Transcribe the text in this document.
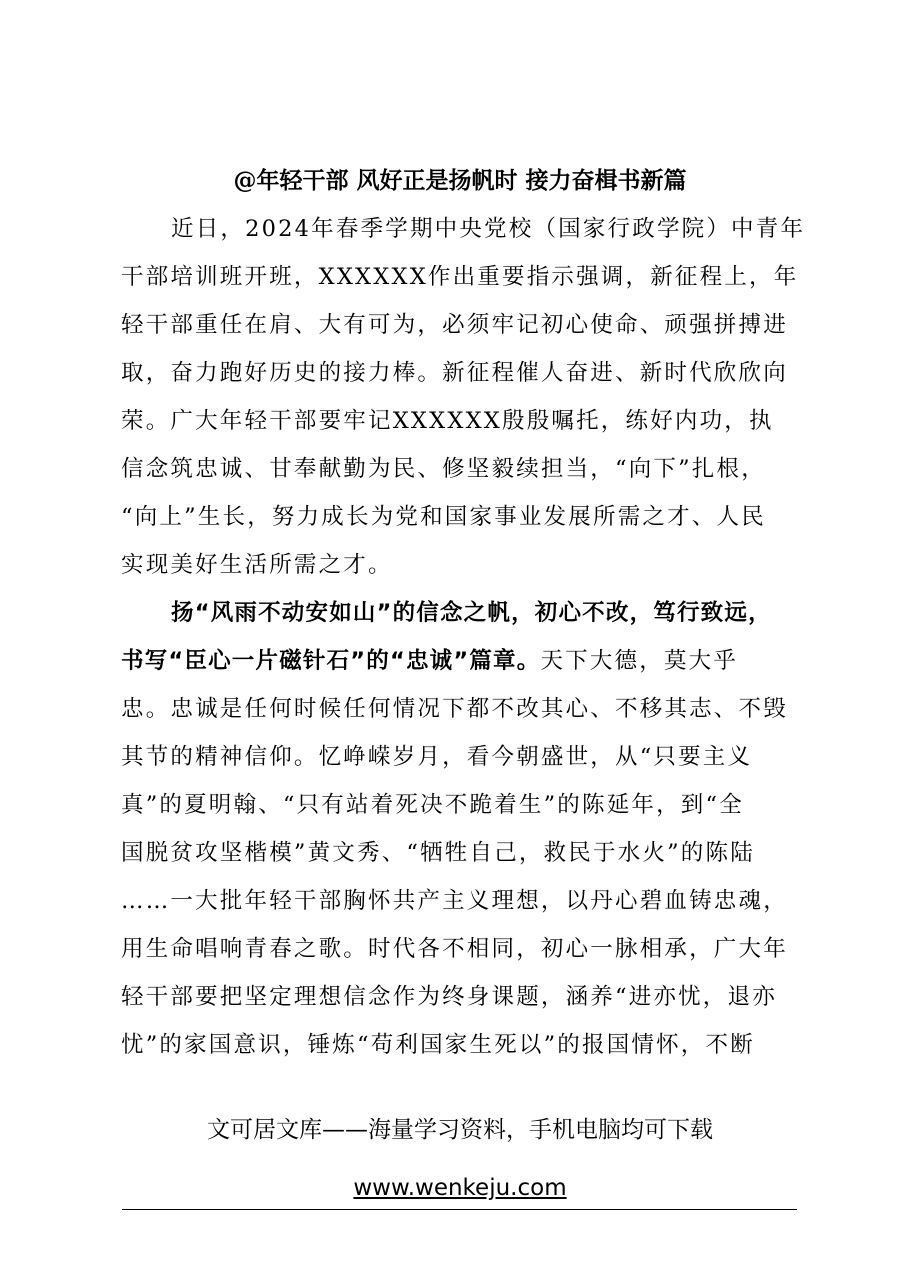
@年轻干部 风好正是扬帆时 接力奋楫书新篇
近日，2024年春季学期中央党校（国家行政学院）中青年
干部培训班开班，XXXXXX作出重要指示强调，新征程上，年
轻干部重任在肩、大有可为，必须牢记初心使命、顽强拼搏进
取，奋力跑好历史的接力棒。新征程催人奋进、新时代欣欣向
荣。广大年轻干部要牢记XXXXXX殷殷嘱托，练好内功，执
信念筑忠诚、甘奉献勤为民、修坚毅续担当，“向下”扎根，
“向上”生长，努力成长为党和国家事业发展所需之才、人民
实现美好生活所需之才。
扬“风雨不动安如山”的信念之帆，初心不改，笃行致远，
书写“臣心一片磁针石”的“忠诚”篇章。天下大德，莫大乎
忠。忠诚是任何时候任何情况下都不改其心、不移其志、不毁
其节的精神信仰。忆峥嵘岁月，看今朝盛世，从“只要主义
真”的夏明翰、“只有站着死决不跪着生”的陈延年，到“全
国脱贫攻坚楷模”黄文秀、“牺牲自己，救民于水火”的陈陆
……一大批年轻干部胸怀共产主义理想，以丹心碧血铸忠魂，
用生命唱响青春之歌。时代各不相同，初心一脉相承，广大年
轻干部要把坚定理想信念作为终身课题，涵养“进亦忧，退亦
忧”的家国意识，锤炼“苟利国家生死以”的报国情怀，不断
文可居文库——海量学习资料，手机电脑均可下载
www.wenkeju.com
